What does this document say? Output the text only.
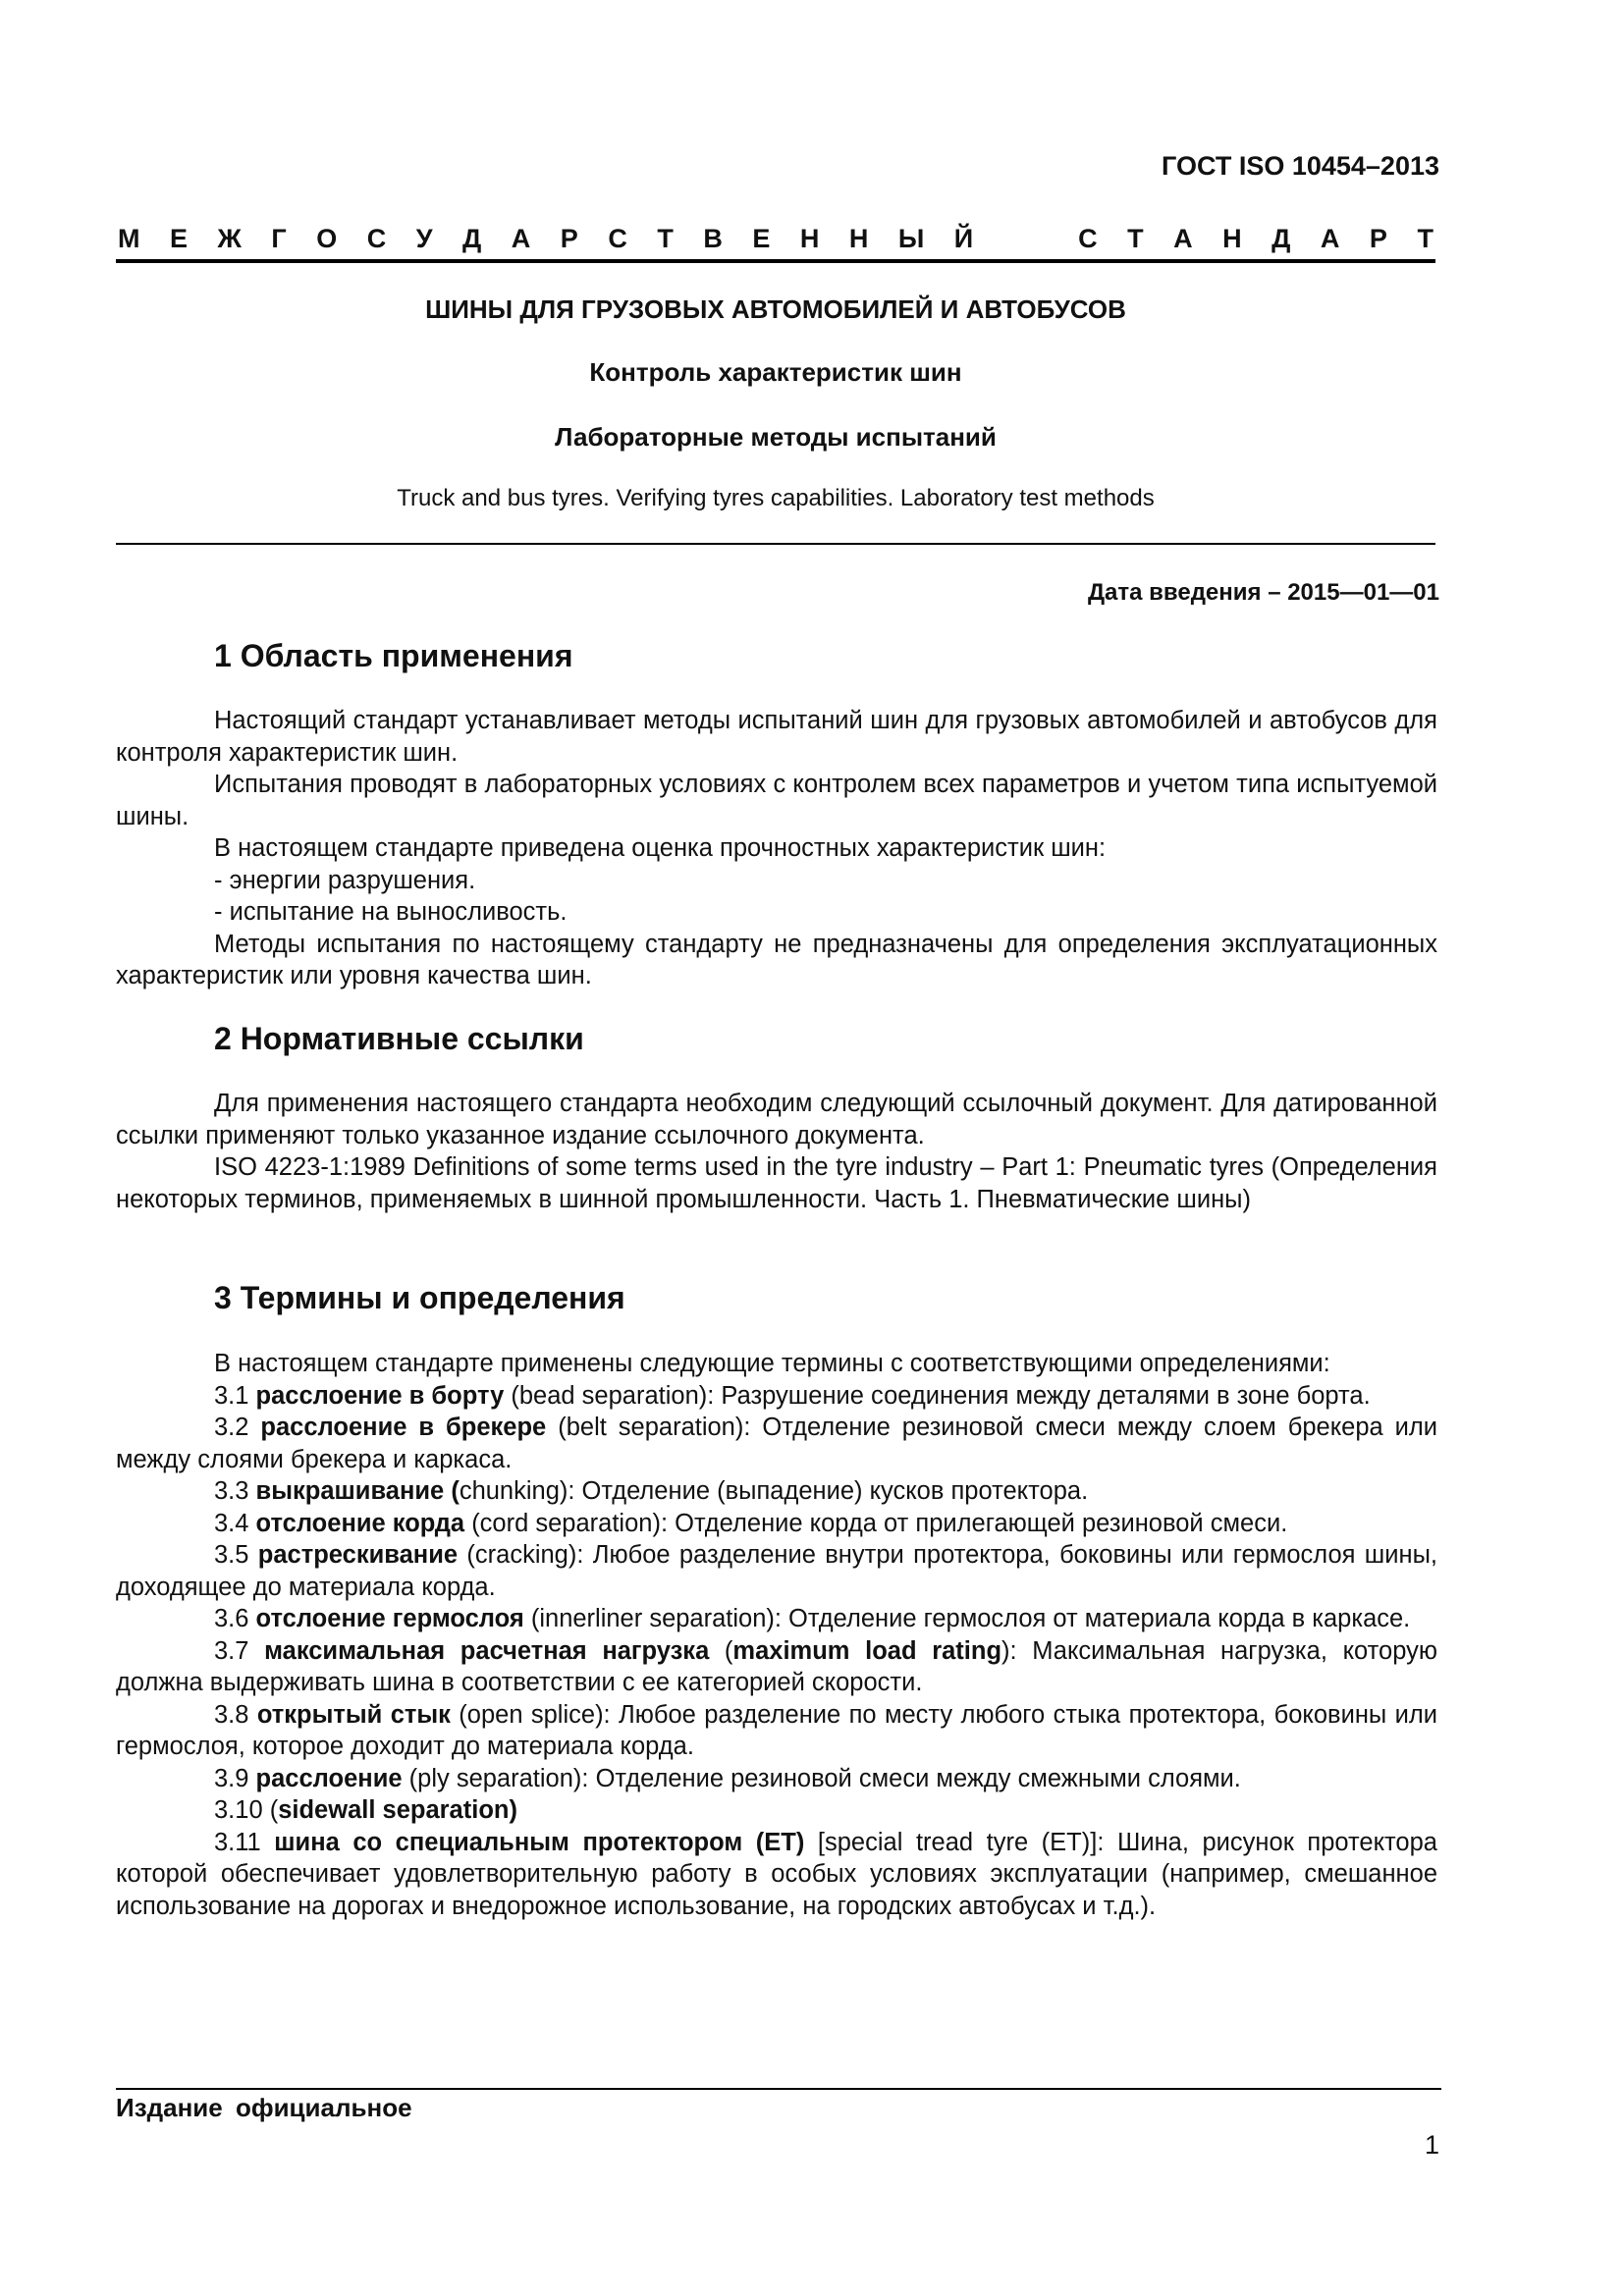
ГОСТ ISO 10454–2013
М Е Ж Г О С У Д А Р С Т В Е Н Н Ы Й	С Т А Н Д А Р Т
ШИНЫ ДЛЯ ГРУЗОВЫХ АВТОМОБИЛЕЙ И АВТОБУСОВ
Контроль характеристик шин
Лабораторные методы испытаний
Truck and bus tyres. Verifying tyres capabilities. Laboratory test methods
Дата введения – 2015—01—01
1 Область применения

Настоящий стандарт устанавливает методы испытаний шин для грузовых автомобилей и автобусов для контроля характеристик шин.

Испытания проводят в лабораторных условиях с контролем всех параметров и учетом типа испытуемой шины.

В настоящем стандарте приведена оценка прочностных характеристик шин:

- энергии разрушения.

- испытание на выносливость.

Методы испытания по настоящему стандарту не предназначены для определения эксплуатационных характеристик или уровня качества шин.

2 Нормативные ссылки

Для применения настоящего стандарта необходим следующий ссылочный документ. Для датированной ссылки применяют только указанное издание ссылочного документа.

ISO 4223-1:1989 Definitions of some terms used in the tyre industry – Part 1: Pneumatic tyres (Определения некоторых терминов, применяемых в шинной промышленности. Часть 1. Пневматические шины)

3 Термины и определения

В настоящем стандарте применены следующие термины с соответствующими определениями:

3.1 расслоение в борту (bead separation): Разрушение соединения между деталями в зоне борта.

3.2 расслоение в брекере (belt separation): Отделение резиновой смеси между слоем брекера или между слоями брекера и каркаса.

3.3 выкрашивание (chunking): Отделение (выпадение) кусков протектора.

3.4 отслоение корда (cord separation): Отделение корда от прилегающей резиновой смеси.

3.5 растрескивание (cracking): Любое разделение внутри протектора, боковины или гермослоя шины, доходящее до материала корда.

3.6 отслоение гермослоя (innerliner separation): Отделение гермослоя от материала корда в каркасе.

3.7 максимальная расчетная нагрузка (maximum load rating): Максимальная нагрузка, которую должна выдерживать шина в соответствии с ее категорией скорости.

3.8 открытый стык (open splice): Любое разделение по месту любого стыка протектора, боковины или гермослоя, которое доходит до материала корда.

3.9 расслоение (ply separation): Отделение резиновой смеси между смежными слоями.

3.10 (sidewall separation)

3.11 шина со специальным протектором (ET) [special tread tyre (ET)]: Шина, рисунок протектора которой обеспечивает удовлетворительную работу в особых условиях эксплуатации (например, смешанное использование на дорогах и внедорожное использование, на городских автобусах и т.д.).

Издание официальное
1
